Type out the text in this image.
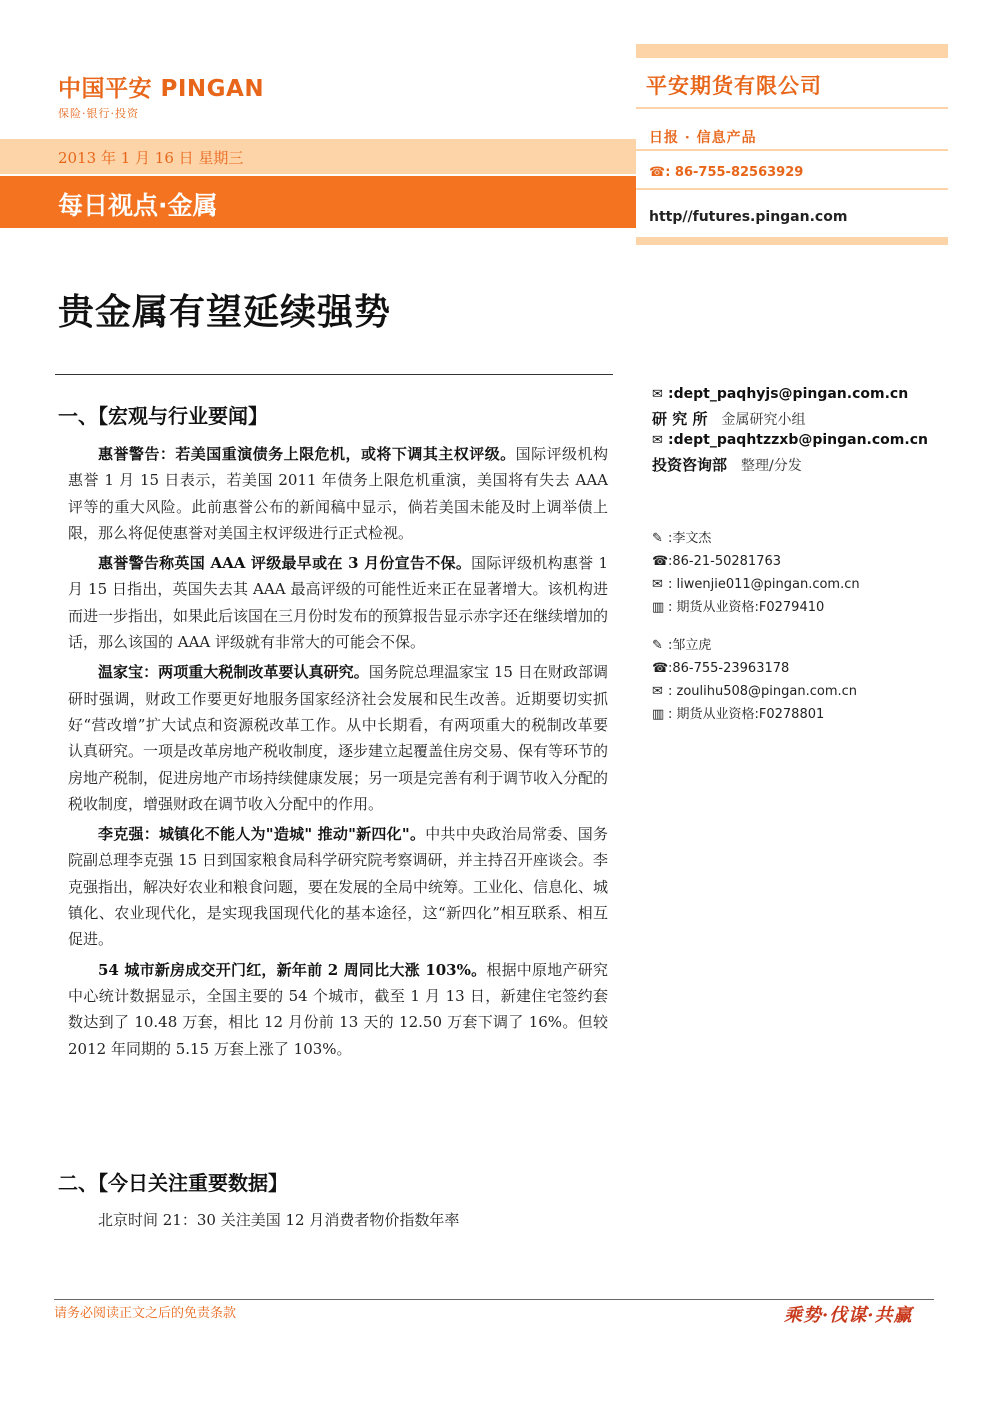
中国平安 PINGAN
保险·银行·投资
2013 年 1 月 16 日 星期三
每日视点·金属
平安期货有限公司
日报 · 信息产品
☎: 86-755-82563929
http//futures.pingan.com
贵金属有望延续强势
一、【宏观与行业要闻】

惠誉警告：若美国重演债务上限危机，或将下调其主权评级。国际评级机构惠誉 1 月 15 日表示，若美国 2011 年债务上限危机重演，美国将有失去 AAA 评等的重大风险。此前惠誉公布的新闻稿中显示，倘若美国未能及时上调举债上限，那么将促使惠誉对美国主权评级进行正式检视。

惠誉警告称英国 AAA 评级最早或在 3 月份宣告不保。国际评级机构惠誉 1 月 15 日指出，英国失去其 AAA 最高评级的可能性近来正在显著增大。该机构进而进一步指出，如果此后该国在三月份时发布的预算报告显示赤字还在继续增加的话，那么该国的 AAA 评级就有非常大的可能会不保。

温家宝：两项重大税制改革要认真研究。国务院总理温家宝 15 日在财政部调研时强调，财政工作要更好地服务国家经济社会发展和民生改善。近期要切实抓好“营改增”扩大试点和资源税改革工作。从中长期看，有两项重大的税制改革要认真研究。一项是改革房地产税收制度，逐步建立起覆盖住房交易、保有等环节的房地产税制，促进房地产市场持续健康发展；另一项是完善有利于调节收入分配的税收制度，增强财政在调节收入分配中的作用。

李克强：城镇化不能人为"造城" 推动"新四化"。中共中央政治局常委、国务院副总理李克强 15 日到国家粮食局科学研究院考察调研，并主持召开座谈会。李克强指出，解决好农业和粮食问题，要在发展的全局中统筹。工业化、信息化、城镇化、农业现代化，是实现我国现代化的基本途径，这“新四化”相互联系、相互促进。

54 城市新房成交开门红，新年前 2 周同比大涨 103%。根据中原地产研究中心统计数据显示，全国主要的 54 个城市，截至 1 月 13 日，新建住宅签约套数达到了 10.48 万套，相比 12 月份前 13 天的 12.50 万套下调了 16%。但较 2012 年同期的 5.15 万套上涨了 103%。

二、【今日关注重要数据】
北京时间 21：30 关注美国 12 月消费者物价指数年率
✉ :dept_paqhyjs@pingan.com.cn
研 究 所 金属研究小组
✉ :dept_paqhtzzxb@pingan.com.cn
投资咨询部 整理/分发
✎ :李文杰
☎:86-21-50281763
✉ : liwenjie011@pingan.com.cn
▥ : 期货从业资格:F0279410
✎ :邹立虎
☎:86-755-23963178
✉ : zoulihu508@pingan.com.cn
▥ : 期货从业资格:F0278801
请务必阅读正文之后的免责条款	乘势·伐谋·共赢
